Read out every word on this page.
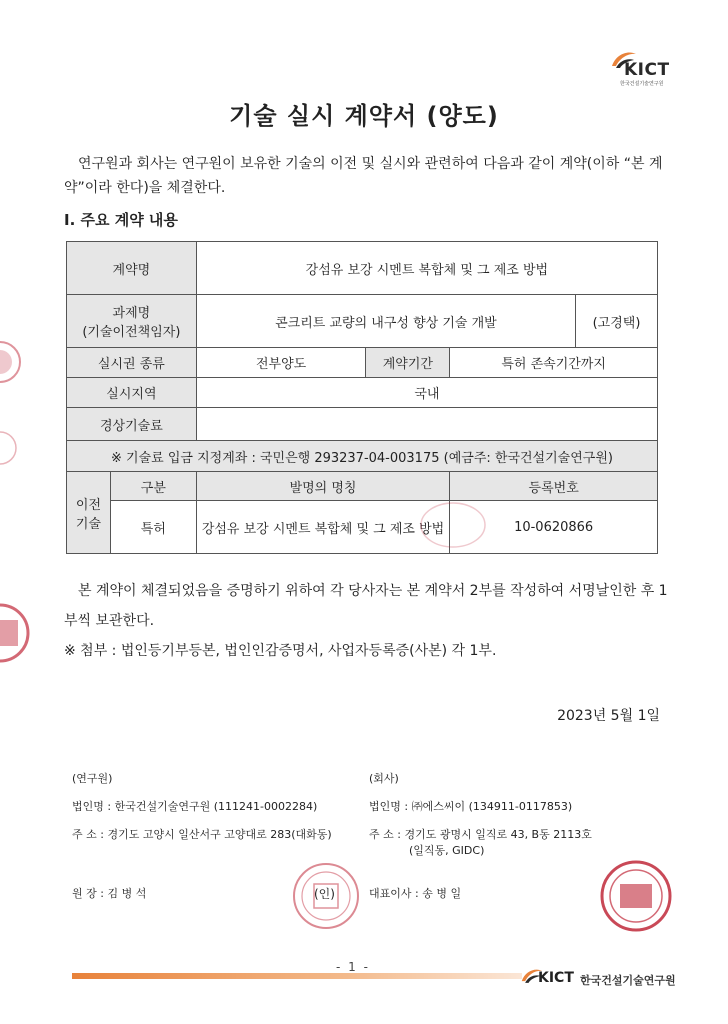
KICT
한국건설기술연구원
기술 실시 계약서 (양도)
연구원과 회사는 연구원이 보유한 기술의 이전 및 실시와 관련하여 다음과 같이 계약(이하 “본 계약”이라 한다)을 체결한다.
I. 주요 계약 내용
계약명		강섬유 보강 시멘트 복합체 및 그 제조 방법			

과제명
(기술이전책임자)		콘크리트 교량의 내구성 향상 기술 개발			(고경택)
실시권 종류		전부양도	계약기간	특허 존속기간까지	
실시지역		국내			
경상기술료					
※ 기술료 입금 지정계좌 : 국민은행 293237-04-003175 (예금주: 한국건설기술연구원)					

이전
기술	구분	발명의 명칭		등록번호	
	특허	강섬유 보강 시멘트 복합체 및 그 제조 방법		10-0620866	
본 계약이 체결되었음을 증명하기 위하여 각 당사자는 본 계약서 2부를 작성하여 서명날인한 후 1부씩 보관한다.
※ 첨부 : 법인등기부등본, 법인인감증명서, 사업자등록증(사본) 각 1부.
2023년 5월 1일
(연구원)
법인명 : 한국건설기술연구원 (111241-0002284)
주 소 : 경기도 고양시 일산서구 고양대로 283(대화동)
원 장 : 김 병 석
(회사)
법인명 : ㈜에스씨이 (134911-0117853)
주 소 : 경기도 광명시 일직로 43, B동 2113호
(일직동, GIDC)
대표이사 : 송 병 일
(인)
- 1 -
KICT 한국건설기술연구원
